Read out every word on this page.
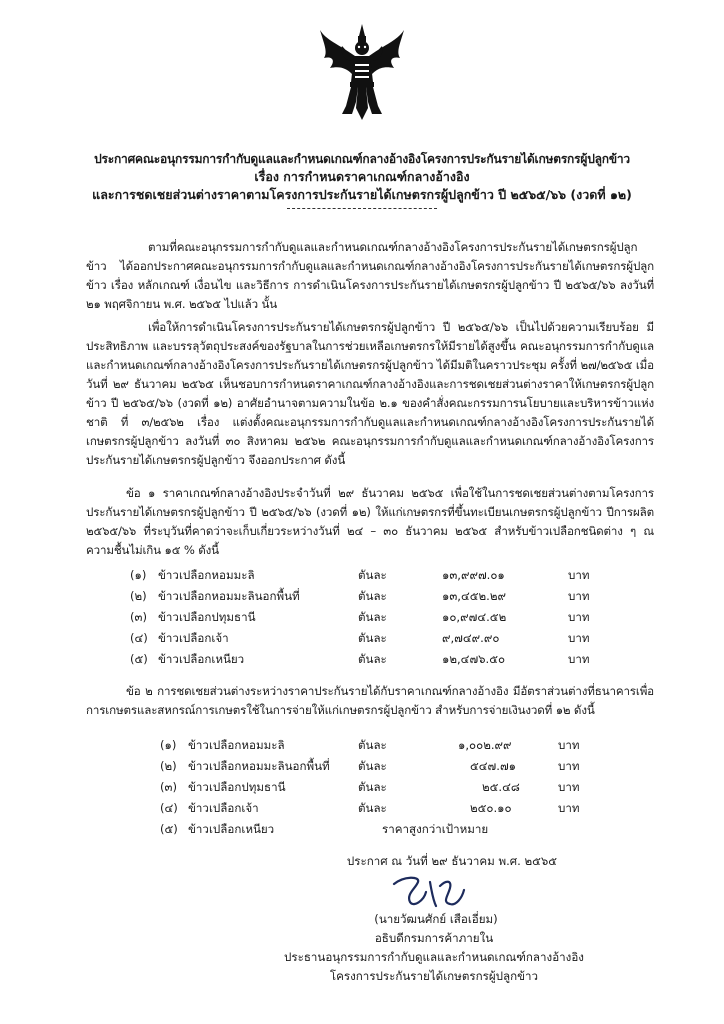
ประกาศคณะอนุกรรมการกำกับดูแลและกำหนดเกณฑ์กลางอ้างอิงโครงการประกันรายได้เกษตรกรผู้ปลูกข้าว
เรื่อง การกำหนดราคาเกณฑ์กลางอ้างอิง
และการชดเชยส่วนต่างราคาตามโครงการประกันรายได้เกษตรกรผู้ปลูกข้าว ปี ๒๕๖๕/๖๖ (งวดที่ ๑๒)

ตามที่คณะอนุกรรมการกำกับดูแลและกำหนดเกณฑ์กลางอ้างอิงโครงการประกันรายได้เกษตรกรผู้ปลูกข้าว ได้ออกประกาศคณะอนุกรรมการกำกับดูแลและกำหนดเกณฑ์กลางอ้างอิงโครงการประกันรายได้เกษตรกรผู้ปลูกข้าว เรื่อง หลักเกณฑ์ เงื่อนไข และวิธีการ การดำเนินโครงการประกันรายได้เกษตรกรผู้ปลูกข้าว ปี ๒๕๖๕/๖๖ ลงวันที่ ๒๑ พฤศจิกายน พ.ศ. ๒๕๖๕ ไปแล้ว นั้น

เพื่อให้การดำเนินโครงการประกันรายได้เกษตรกรผู้ปลูกข้าว ปี ๒๕๖๕/๖๖ เป็นไปด้วยความเรียบร้อย มีประสิทธิภาพ และบรรลุวัตถุประสงค์ของรัฐบาลในการช่วยเหลือเกษตรกรให้มีรายได้สูงขึ้น คณะอนุกรรมการกำกับดูแลและกำหนดเกณฑ์กลางอ้างอิงโครงการประกันรายได้เกษตรกรผู้ปลูกข้าว ได้มีมติในคราวประชุม ครั้งที่ ๒๗/๒๕๖๕ เมื่อวันที่ ๒๙ ธันวาคม ๒๕๖๕ เห็นชอบการกำหนดราคาเกณฑ์กลางอ้างอิงและการชดเชยส่วนต่างราคาให้เกษตรกรผู้ปลูกข้าว ปี ๒๕๖๕/๖๖ (งวดที่ ๑๒) อาศัยอำนาจตามความในข้อ ๒.๑ ของคำสั่งคณะกรรมการนโยบายและบริหารข้าวแห่งชาติ ที่ ๓/๒๕๖๒ เรื่อง แต่งตั้งคณะอนุกรรมการกำกับดูแลและกำหนดเกณฑ์กลางอ้างอิงโครงการประกันรายได้เกษตรกรผู้ปลูกข้าว ลงวันที่ ๓๐ สิงหาคม ๒๕๖๒ คณะอนุกรรมการกำกับดูแลและกำหนดเกณฑ์กลางอ้างอิงโครงการประกันรายได้เกษตรกรผู้ปลูกข้าว จึงออกประกาศ ดังนี้

ข้อ ๑ ราคาเกณฑ์กลางอ้างอิงประจำวันที่ ๒๙ ธันวาคม ๒๕๖๕ เพื่อใช้ในการชดเชยส่วนต่างตามโครงการประกันรายได้เกษตรกรผู้ปลูกข้าว ปี ๒๕๖๕/๖๖ (งวดที่ ๑๒) ให้แก่เกษตรกรที่ขึ้นทะเบียนเกษตรกรผู้ปลูกข้าว ปีการผลิต ๒๕๖๕/๖๖ ที่ระบุวันที่คาดว่าจะเก็บเกี่ยวระหว่างวันที่ ๒๔ – ๓๐ ธันวาคม ๒๕๖๕ สำหรับข้าวเปลือกชนิดต่าง ๆ ณ ความชื้นไม่เกิน ๑๕ % ดังนี้

(๑) ข้าวเปลือกหอมมะลิ	ตันละ	๑๓,๙๙๗.๐๑	บาท
(๒) ข้าวเปลือกหอมมะลินอกพื้นที่	ตันละ	๑๓,๔๕๒.๒๙	บาท
(๓) ข้าวเปลือกปทุมธานี	ตันละ	๑๐,๙๗๔.๕๒	บาท
(๔) ข้าวเปลือกเจ้า	ตันละ	๙,๗๔๙.๙๐	บาท
(๕) ข้าวเปลือกเหนียว	ตันละ	๑๒,๔๗๖.๕๐	บาท

ข้อ ๒ การชดเชยส่วนต่างระหว่างราคาประกันรายได้กับราคาเกณฑ์กลางอ้างอิง มีอัตราส่วนต่างที่ธนาคารเพื่อการเกษตรและสหกรณ์การเกษตรใช้ในการจ่ายให้แก่เกษตรกรผู้ปลูกข้าว สำหรับการจ่ายเงินงวดที่ ๑๒ ดังนี้

(๑) ข้าวเปลือกหอมมะลิ	ตันละ	๑,๐๐๒.๙๙	บาท
(๒) ข้าวเปลือกหอมมะลินอกพื้นที่ ตันละ	๕๔๗.๗๑	บาท
(๓) ข้าวเปลือกปทุมธานี	ตันละ	๒๕.๔๘	บาท
(๔) ข้าวเปลือกเจ้า	ตันละ	๒๕๐.๑๐	บาท
(๕) ข้าวเปลือกเหนียว	ราคาสูงกว่าเป้าหมาย
ประกาศ ณ วันที่ ๒๙ ธันวาคม พ.ศ. ๒๕๖๕
(นายวัฒนศักย์ เสือเอี่ยม)
อธิบดีกรมการค้าภายใน
ประธานอนุกรรมการกำกับดูแลและกำหนดเกณฑ์กลางอ้างอิง
โครงการประกันรายได้เกษตรกรผู้ปลูกข้าว
